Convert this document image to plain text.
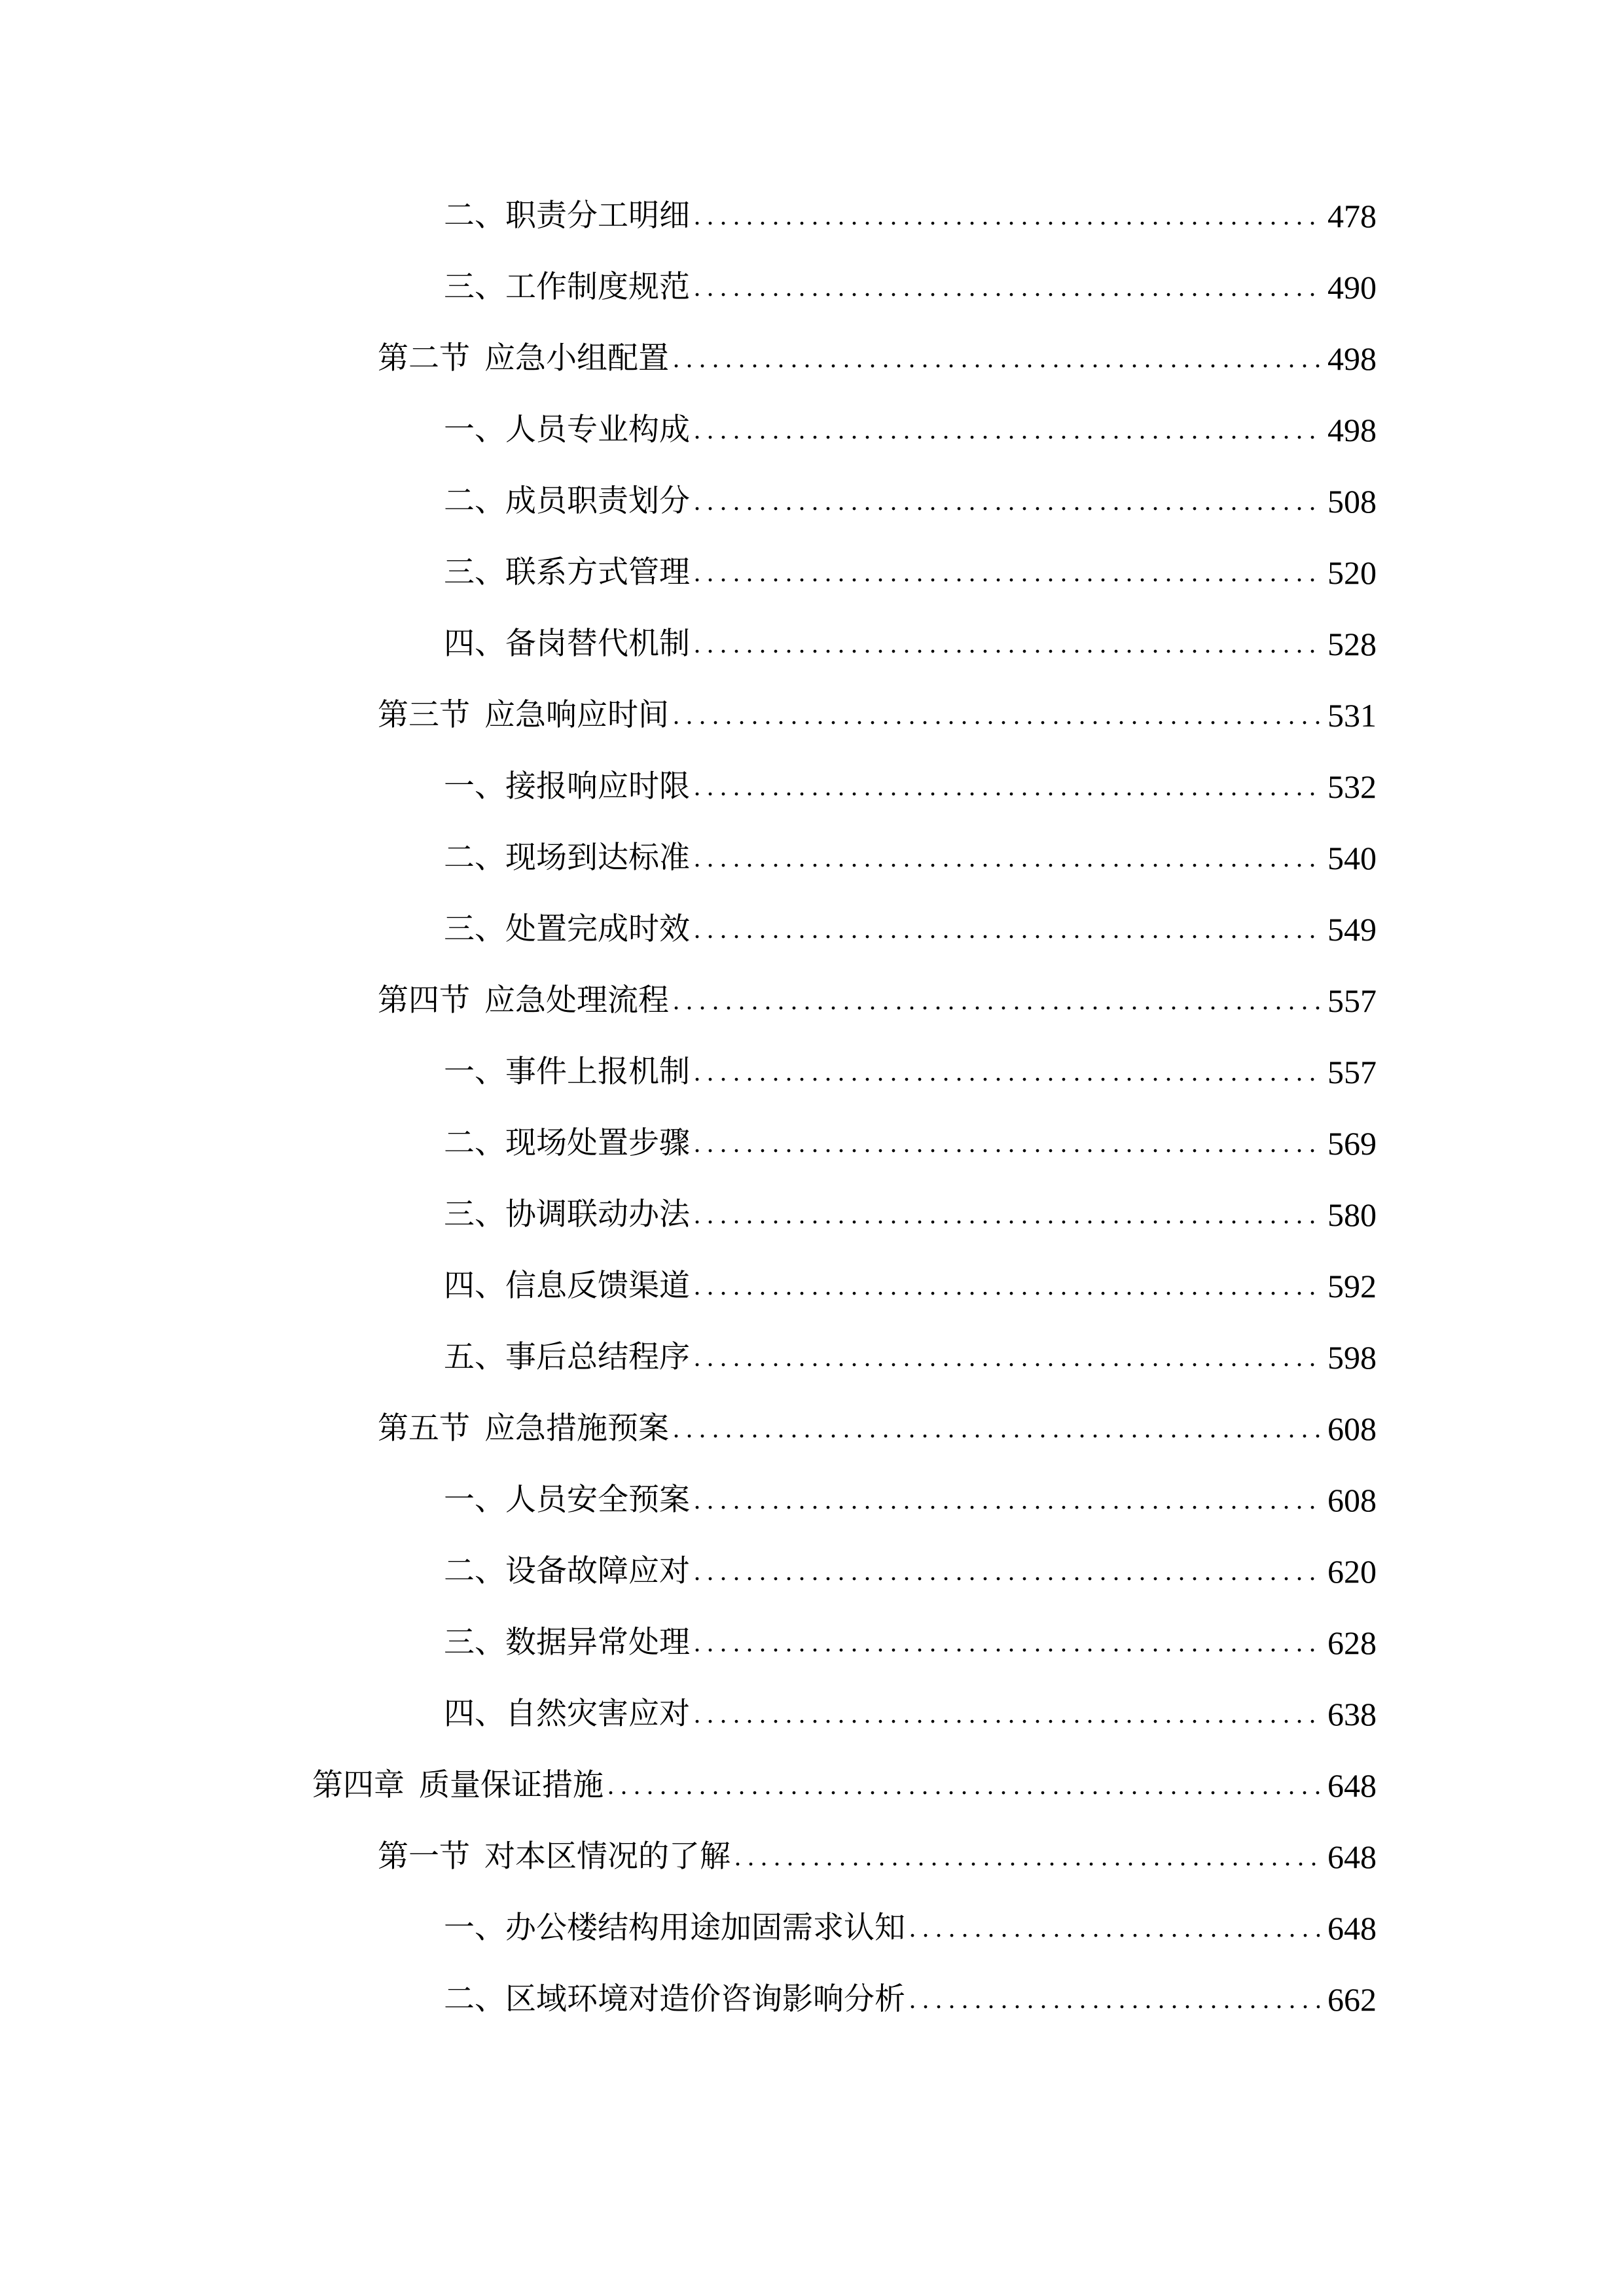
二、 职责分工明细 . . .	478
三、 工作制度规范 . . .	490
第二节 应急小组配置 . . .	498
一、 人员专业构成 . . .	498
二、 成员职责划分 . . .	508
三、 联系方式管理 . . .	520
四、 备岗替代机制 . . .	528
第三节 应急响应时间 . . .	531
一、 接报响应时限 . . .	532
二、 现场到达标准 . . .	540
三、 处置完成时效 . . .	549
第四节 应急处理流程 . . .	557
一、 事件上报机制 . . .	557
二、 现场处置步骤 . . .	569
三、 协调联动办法 . . .	580
四、 信息反馈渠道 . . .	592
五、 事后总结程序 . . .	598
第五节 应急措施预案 . . .	608
一、 人员安全预案 . . .	608
二、 设备故障应对 . . .	620
三、 数据异常处理 . . .	628
四、 自然灾害应对 . . .	638
第四章 质量保证措施 . . .	648
第一节 对本区情况的了解 . . .	648
一、 办公楼结构用途加固需求认知 . . .	648
二、 区域环境对造价咨询影响分析 . . .	662
